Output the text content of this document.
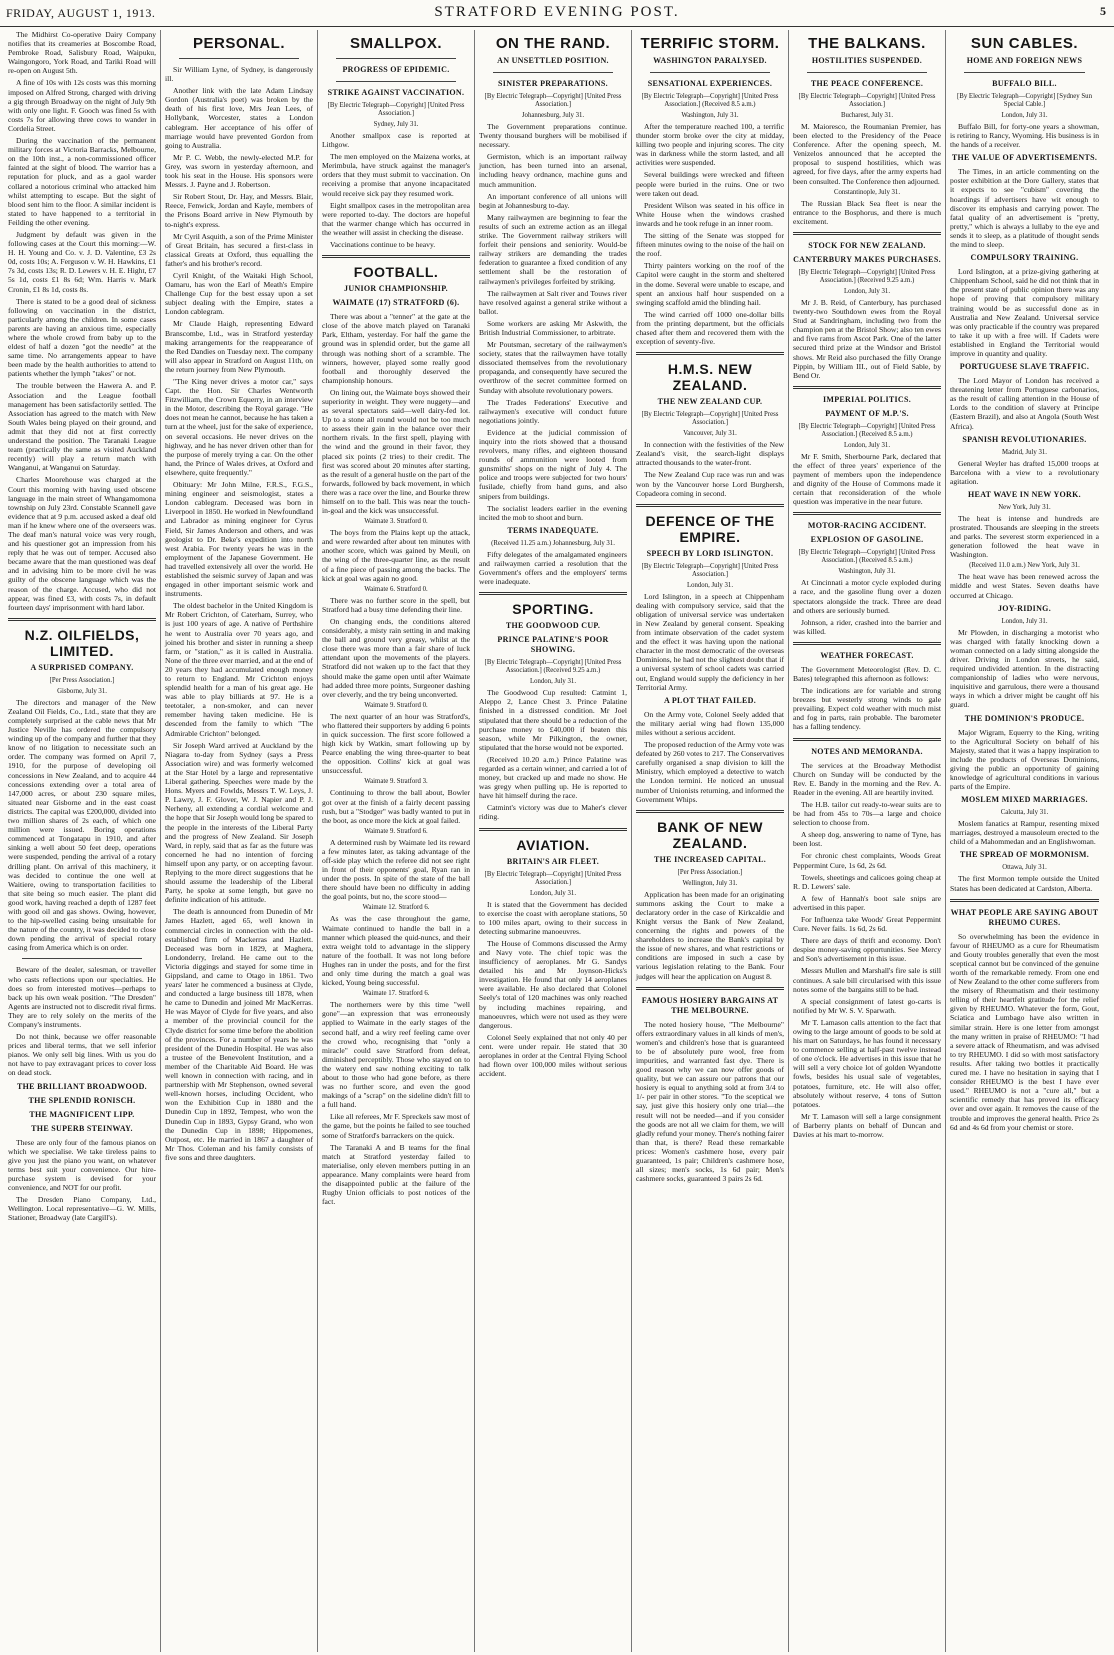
FRIDAY, AUGUST 1, 1913.	STRATFORD EVENING POST.	5

The Midhirst Co-operative Dairy Company notifies that its creameries at Boscombe Road, Pembroke Road, Salisbury Road, Waipuku, Waingongoro, York Road, and Tariki Road will re-open on August 5th.

A fine of 10s with 12s costs was this morning imposed on Alfred Strong, charged with driving a gig through Broadway on the night of July 9th with only one light. F. Gooch was fined 5s with costs 7s for allowing three cows to wander in Cordelia Street.

During the vaccination of the permanent military forces at Victoria Barracks, Melbourne, on the 10th inst., a non-commissioned officer fainted at the sight of blood. The warrior has a reputation for pluck, and as a gaol warder collared a notorious criminal who attacked him whilst attempting to escape. But the sight of blood sent him to the floor. A similar incident is stated to have happened to a territorial in Feilding the other evening.

Judgment by default was given in the following cases at the Court this morning:—W. H. H. Young and Co. v. J. D. Valentine, £3 2s 0d, costs 10s; A. Ferguson v. W. H. Hawkins, £1 7s 3d, costs 13s; R. D. Lewers v. H. E. Hight, £7 5s 1d, costs £1 8s 6d; Wm. Harris v. Mark Cronin, £1 8s 1d, costs 8s.

There is stated to be a good deal of sickness following on vaccination in the district, particularly among the children. In some cases parents are having an anxious time, especially where the whole crowd from baby up to the eldest of half a dozen "got the needle" at the same time. No arrangements appear to have been made by the health authorities to attend to patients whether the lymph "takes" or not.

The trouble between the Hawera A. and P. Association and the League football management has been satisfactorily settled. The Association has agreed to the match with New South Wales being played on their ground, and admit that they did not at first correctly understand the position. The Taranaki League team (practically the same as visited Auckland recently) will play a return match with Wanganui, at Wanganui on Saturday.

Charles Moorehouse was charged at the Court this morning with having used obscene language in the main street of Whangamomona township on July 23rd. Constable Scannell gave evidence that at 9 p.m. accused asked a deaf old man if he knew where one of the overseers was. The deaf man's natural voice was very rough, and his questioner got an impression from his reply that he was out of temper. Accused also became aware that the man questioned was deaf and in advising him to be more civil he was guilty of the obscene language which was the reason of the charge. Accused, who did not appear, was fined £3, with costs 7s, in default fourteen days' imprisonment with hard labor.

N.Z. OILFIELDS, LIMITED.
A SURPRISED COMPANY.
[Per Press Association.]
Gisborne, July 31.

The directors and manager of the New Zealand Oil Fields, Co., Ltd., state that they are completely surprised at the cable news that Mr Justice Neville has ordered the compulsory winding up of the company and further that they know of no litigation to necessitate such an order. The company was formed on April 7, 1910, for the purpose of developing oil concessions in New Zealand, and to acquire 44 concessions extending over a total area of 147,000 acres, or about 230 square miles, situated near Gisborne and in the east coast districts. The capital was £200,000, divided into two million shares of 2s each, of which one million were issued. Boring operations commenced at Tongatapu in 1910, and after sinking a well about 50 feet deep, operations were suspended, pending the arrival of a rotary drilling plant. On arrival of this machinery, it was decided to continue the one well at Waitiere, owing to transportation facilities to that site being so much easier. The plant did good work, having reached a depth of 1287 feet with good oil and gas shows. Owing, however, to the hip-swelled casing being unsuitable for the nature of the country, it was decided to close down pending the arrival of special rotary casing from America which is on order.

Beware of the dealer, salesman, or traveller who casts reflections upon our specialties. He does so from interested motives—perhaps to back up his own weak position. "The Dresden" Agents are instructed not to discredit rival firms. They are to rely solely on the merits of the Company's instruments.

Do not think, because we offer reasonable prices and liberal terms, that we sell inferior pianos. We only sell big lines. With us you do not have to pay extravagant prices to cover loss on dead stock.

THE BRILLIANT BROADWOOD.
THE SPLENDID RONISCH.
THE MAGNIFICENT LIPP.
THE SUPERB STEINWAY.

These are only four of the famous pianos on which we specialise. We take tireless pains to give you just the piano you want, on whatever terms best suit your convenience. Our hire-purchase system is devised for your convenience, and NOT for our profit.

The Dresden Piano Company, Ltd., Wellington. Local representative—G. W. Mills, Stationer, Broadway (late Cargill's).

PERSONAL.

Sir William Lyne, of Sydney, is dangerously ill.

Another link with the late Adam Lindsay Gordon (Australia's poet) was broken by the death of his first love, Mrs Jean Lees, of Hollybank, Worcester, states a London cablegram. Her acceptance of his offer of marriage would have prevented Gordon from going to Australia.

Mr P. C. Webb, the newly-elected M.P. for Grey, was sworn in yesterday afternoon, and took his seat in the House. His sponsors were Messrs. J. Payne and J. Robertson.

Sir Robert Stout, Dr. Hay, and Messrs. Blair, Reece, Fenwick, Jordan and Kayle, members of the Prisons Board arrive in New Plymouth by to-night's express.

Mr Cyril Asquith, a son of the Prime Minister of Great Britain, has secured a first-class in classical Greats at Oxford, thus equalling the father's and his brother's record.

Cyril Knight, of the Waitaki High School, Oamaru, has won the Earl of Meath's Empire Challenge Cup for the best essay upon a set subject dealing with the Empire, states a London cablegram.

Mr Claude Haigh, representing Edward Branscombe, Ltd., was in Stratford yesterday making arrangements for the reappearance of the Red Dandies on Tuesday next. The company will also appear in Stratford on August 11th, on the return journey from New Plymouth.

"The King never drives a motor car," says Capt. the Hon. Sir Charles Wentworth Fitzwilliam, the Crown Equerry, in an interview in the Motor, describing the Royal garage. "He does not mean he cannot, because he has taken a turn at the wheel, just for the sake of experience, on several occasions. He never drives on the highway, and he has never driven other than for the purpose of merely trying a car. On the other hand, the Prince of Wales drives, at Oxford and elsewhere, quite frequently."

Obituary: Mr John Milne, F.R.S., F.G.S., mining engineer and seismologist, states a London cablegram. Deceased was born in Liverpool in 1850. He worked in Newfoundland and Labrador as mining engineer for Cyrus Field, Sir James Anderson and others, and was geologist to Dr. Beke's expedition into north west Arabia. For twenty years he was in the employment of the Japanese Government. He had travelled extensively all over the world. He established the seismic survey of Japan and was engaged in other important seismic work and instruments.

The oldest bachelor in the United Kingdom is Mr Robert Crichton, of Caterham, Surrey, who is just 100 years of age. A native of Perthshire he went to Australia over 70 years ago, and joined his brother and sister in running a sheep farm, or "station," as it is called in Australia. None of the three ever married, and at the end of 20 years they had accumulated enough money to return to England. Mr Crichton enjoys splendid health for a man of his great age. He was able to play billiards at 97. He is a teetotaler, a non-smoker, and can never remember having taken medicine. He is descended from the family to which "The Admirable Crichton" belonged.

Sir Joseph Ward arrived at Auckland by the Niagara to-day from Sydney (says a Press Association wire) and was formerly welcomed at the Star Hotel by a large and representative Liberal gathering. Speeches were made by the Hons. Myers and Fowlds, Messrs T. W. Leys, J. P. Lawry, J. F. Glover, W. J. Napier and P. J. Nerheny, all extending a cordial welcome and the hope that Sir Joseph would long be spared to the people in the interests of the Liberal Party and the progress of New Zealand. Sir Joseph Ward, in reply, said that as far as the future was concerned he had no intention of forcing himself upon any party, or on accepting favour. Replying to the more direct suggestions that he should assume the leadership of the Liberal Party, he spoke at some length, but gave no definite indication of his attitude.

The death is announced from Dunedin of Mr James Hazlett, aged 65, well known in commercial circles in connection with the old-established firm of Mackerras and Hazlett. Deceased was born in 1829, at Maghera, Londonderry, Ireland. He came out to the Victoria diggings and stayed for some time in Gippsland, and came to Otago in 1861. Two years' later he commenced a business at Clyde, and conducted a large business till 1878, when he came to Dunedin and joined Mr MacKerras. He was Mayor of Clyde for five years, and also a member of the provincial council for the Clyde district for some time before the abolition of the provinces. For a number of years he was president of the Dunedin Hospital. He was also a trustee of the Benevolent Institution, and a member of the Charitable Aid Board. He was well known in connection with racing, and in partnership with Mr Stephenson, owned several well-known horses, including Occident, who won the Exhibition Cup in 1880 and the Dunedin Cup in 1892, Tempest, who won the Dunedin Cup in 1893, Gypsy Grand, who won the Dunedin Cup in 1898; Hippomenes, Outpost, etc. He married in 1867 a daughter of Mr Thos. Coleman and his family consists of five sons and three daughters.

SMALLPOX.
PROGRESS OF EPIDEMIC.
STRIKE AGAINST VACCINATION.
[By Electric Telegraph—Copyright] [United Press Association.]
Sydney, July 31.

Another smallpox case is reported at Lithgow.

The men employed on the Maizena works, at Merimbula, have struck against the manager's orders that they must submit to vaccination. On receiving a promise that anyone incapacitated would receive sick pay they resumed work.

Eight smallpox cases in the metropolitan area were reported to-day. The doctors are hopeful that the warmer change which has occurred in the weather will assist in checking the disease.

Vaccinations continue to be heavy.

FOOTBALL.
JUNIOR CHAMPIONSHIP.
WAIMATE (17) STRATFORD (6).

There was about a "tenner" at the gate at the close of the above match played on Taranaki Park, Eltham, yesterday. For half the game the ground was in splendid order, but the game all through was nothing short of a scramble. The winners, however, played some really good football and thoroughly deserved the championship honours.

On lining out, the Waimate boys showed their superiority in weight. They were nuggety—and as several spectators said—well dairy-fed lot. Up to a stone all round would not be too much to assess their gain in the balance over their northern rivals. In the first spell, playing with the wind and the ground in their favor, they placed six points (2 tries) to their credit. The first was scored about 20 minutes after starting, as the result of a general hustle on the part of the forwards, followed by back movement, in which there was a race over the line, and Bourke threw himself on to the ball. This was near the touch-in-goal and the kick was unsuccessful.

Waimate 3. Stratford 0.

The boys from the Plains kept up the attack, and were rewarded after about ten minutes with another score, which was gained by Meuli, on the wing of the three-quarter line, as the result of a fine piece of passing among the backs. The kick at goal was again no good.

Waimate 6. Stratford 0.

There was no further score in the spell, but Stratford had a busy time defending their line.

On changing ends, the conditions altered considerably, a misty rain setting in and making the ball and ground very greasy, whilst at the close there was more than a fair share of luck attendant upon the movements of the players. Stratford did not waken up to the fact that they should make the game open until after Waimate had added three more points, Surgeoner dashing over cleverly, and the try being unconverted.

Waimate 9. Stratford 0.

The next quarter of an hour was Stratford's, who flattered their supporters by adding 6 points in quick succession. The first score followed a high kick by Watkin, smart following up by Pearce enabling the wing three-quarter to beat the opposition. Collins' kick at goal was unsuccessful.

Waimate 9. Stratford 3.

Continuing to throw the ball about, Bowler got over at the finish of a fairly decent passing rush, but a "Stodger" was badly wanted to put in the boot, as once more the kick at goal failed.

Waimate 9. Stratford 6.

A determined rush by Waimate led its reward a few minutes later, as taking advantage of the off-side play which the referee did not see right in front of their opponents' goal, Ryan ran in under the posts. In spite of the state of the ball there should have been no difficulty in adding the goal points, but no, the score stood—

Waimate 12. Stratford 6.

As was the case throughout the game, Waimate continued to handle the ball in a manner which pleased the quid-nuncs, and their extra weight told to advantage in the slippery nature of the football. It was not long before Hughes ran in under the posts, and for the first and only time during the match a goal was kicked, Young being successful.

Waimate 17. Stratford 6.

The northerners were by this time "well gone"—an expression that was erroneously applied to Waimate in the early stages of the second half, and a wiry reef feeling came over the crowd who, recognising that "only a miracle" could save Stratford from defeat, diminished perceptibly. Those who stayed on to the watery end saw nothing exciting to talk about to those who had gone before, as there was no further score, and even the good makings of a "scrap" on the sideline didn't fill to a full hand.

Like all referees, Mr F. Spreckels saw most of the game, but the points he failed to see touched some of Stratford's barrackers on the quick.

The Taranaki A and B teams for the final match at Stratford yesterday failed to materialise, only eleven members putting in an appearance. Many complaints were heard from the disappointed public at the failure of the Rugby Union officials to post notices of the fact.

ON THE RAND.
AN UNSETTLED POSITION.
SINISTER PREPARATIONS.
[By Electric Telegraph—Copyright] [United Press Association.]
Johannesburg, July 31.

The Government preparations continue. Twenty thousand burghers will be mobilised if necessary.

Germiston, which is an important railway junction, has been turned into an arsenal, including heavy ordnance, machine guns and much ammunition.

An important conference of all unions will begin at Johannesburg to-day.

Many railwaymen are beginning to fear the results of such an extreme action as an illegal strike. The Government railway strikers will forfeit their pensions and seniority. Would-be railway strikers are demanding the trades federation to guarantee a fixed condition of any settlement shall be the restoration of railwaymen's privileges forfeited by striking.

The railwaymen at Salt river and Touws river have resolved against a general strike without a ballot.

Some workers are asking Mr Askwith, the British Industrial Commissioner, to arbitrate.

Mr Poutsman, secretary of the railwaymen's society, states that the railwaymen have totally dissociated themselves from the revolutionary propaganda, and consequently have secured the overthrow of the secret committee formed on Sunday with absolute revolutionary powers.

The Trades Federations' Executive and railwaymen's executive will conduct future negotiations jointly.

Evidence at the judicial commission of inquiry into the riots showed that a thousand revolvers, many rifles, and eighteen thousand rounds of ammunition were looted from gunsmiths' shops on the night of July 4. The police and troops were subjected for two hours' fusilade, chiefly from hand guns, and also snipers from buildings.

The socialist leaders earlier in the evening incited the mob to shoot and burn.

TERMS INADEQUATE.
(Received 11.25 a.m.) Johannesburg, July 31.

Fifty delegates of the amalgamated engineers and railwaymen carried a resolution that the Government's offers and the employers' terms were inadequate.

SPORTING.
THE GOODWOOD CUP.
PRINCE PALATINE'S POOR SHOWING.
[By Electric Telegraph—Copyright] [United Press Association.] (Received 9.25 a.m.)
London, July 31.

The Goodwood Cup resulted: Catmint 1, Aleppo 2, Lance Chest 3. Prince Palatine finished in a distressed condition. Mr Joel stipulated that there should be a reduction of the purchase money to £40,000 if beaten this season, while Mr Pilkington, the owner, stipulated that the horse would not be exported.

(Received 10.20 a.m.) Prince Palatine was regarded as a certain winner, and carried a lot of money, but cracked up and made no show. He was gregy when pulling up. He is reported to have hit himself during the race.

Catmint's victory was due to Maher's clever riding.

AVIATION.
BRITAIN'S AIR FLEET.
[By Electric Telegraph—Copyright] [United Press Association.]
London, July 31.

It is stated that the Government has decided to exercise the coast with aeroplane stations, 50 to 100 miles apart, owing to their success in detecting submarine manoeuvres.

The House of Commons discussed the Army and Navy vote. The chief topic was the insufficiency of aeroplanes. Mr G. Sandys detailed his and Mr Joynson-Hicks's investigation. He found that only 14 aeroplanes were available. He also declared that Colonel Seely's total of 120 machines was only reached by including machines repairing, and manoeuvres, which were not used as they were dangerous.

Colonel Seely explained that not only 40 per cent. were under repair. He stated that 30 aeroplanes in order at the Central Flying School had flown over 100,000 miles without serious accident.

TERRIFIC STORM.
WASHINGTON PARALYSED.
SENSATIONAL EXPERIENCES.
[By Electric Telegraph—Copyright] [United Press Association.] (Received 8.5 a.m.)
Washington, July 31.

After the temperature reached 100, a terrific thunder storm broke over the city at midday, killing two people and injuring scores. The city was in darkness while the storm lasted, and all activities were suspended.

Several buildings were wrecked and fifteen people were buried in the ruins. One or two were taken out dead.

President Wilson was seated in his office in White House when the windows crashed inwards and he took refuge in an inner room.

The sitting of the Senate was stopped for fifteen minutes owing to the noise of the hail on the roof.

Thirty painters working on the roof of the Capitol were caught in the storm and sheltered in the dome. Several were unable to escape, and spent an anxious half hour suspended on a swinging scaffold amid the blinding hail.

The wind carried off 1000 one-dollar bills from the printing department, but the officials chased after them and recovered them with the exception of seventy-five.

H.M.S. NEW ZEALAND.
THE NEW ZEALAND CUP.
[By Electric Telegraph—Copyright] [United Press Association.]
Vancouver, July 31.

In connection with the festivities of the New Zealand's visit, the search-light displays attracted thousands to the water-front.

The New Zealand Cup race was run and was won by the Vancouver horse Lord Burghersh, Copadeora coming in second.

DEFENCE OF THE EMPIRE.
SPEECH BY LORD ISLINGTON.
[By Electric Telegraph—Copyright] [United Press Association.]
London, July 31.

Lord Islington, in a speech at Chippenham dealing with compulsory service, said that the obligation of universal service was undertaken in New Zealand by general consent. Speaking from intimate observation of the cadet system and the effect it was having upon the national character in the most democratic of the overseas Dominions, he had not the slightest doubt that if a universal system of school cadets was carried out, England would supply the deficiency in her Territorial Army.

A PLOT THAT FAILED.

On the Army vote, Colonel Seely added that the military aerial wing had flown 135,000 miles without a serious accident.

The proposed reduction of the Army vote was defeated by 260 votes to 217. The Conservatives carefully organised a snap division to kill the Ministry, which employed a detective to watch the London termini. He noticed an unusual number of Unionists returning, and informed the Government Whips.

BANK OF NEW ZEALAND.
THE INCREASED CAPITAL.
[Per Press Association.]
Wellington, July 31.

Application has been made for an originating summons asking the Court to make a declaratory order in the case of Kirkcaldie and Knight versus the Bank of New Zealand, concerning the rights and powers of the shareholders to increase the Bank's capital by the issue of new shares, and what restrictions or conditions are imposed in such a case by various legislation relating to the Bank. Four judges will hear the application on August 8.

FAMOUS HOSIERY BARGAINS AT THE MELBOURNE.

The noted hosiery house, "The Melbourne" offers extraordinary values in all kinds of men's, women's and children's hose that is guaranteed to be of absolutely pure wool, free from impurities, and warranted fast dye. There is good reason why we can now offer goods of quality, but we can assure our patrons that our hosiery is equal to anything sold at from 3/4 to 1/- per pair in other stores. "To the sceptical we say, just give this hosiery only one trial—the result will not be needed—and if you consider the goods are not all we claim for them, we will gladly refund your money. There's nothing fairer than that, is there? Read these remarkable prices: Women's cashmere hose, every pair guaranteed, 1s pair; Children's cashmere hose, all sizes; men's socks, 1s 6d pair; Men's cashmere socks, guaranteed 3 pairs 2s 6d.

THE BALKANS.
HOSTILITIES SUSPENDED.
THE PEACE CONFERENCE.
[By Electric Telegraph—Copyright] [United Press Association.]
Bucharest, July 31.

M. Maioresco, the Roumanian Premier, has been elected to the Presidency of the Peace Conference. After the opening speech, M. Venizelos announced that he accepted the proposal to suspend hostilities, which was agreed, for five days, after the army experts had been consulted. The Conference then adjourned.

Constantinople, July 31.

The Russian Black Sea fleet is near the entrance to the Bosphorus, and there is much excitement.

STOCK FOR NEW ZEALAND.
CANTERBURY MAKES PURCHASES.
[By Electric Telegraph—Copyright] [United Press Association.] (Received 9.25 a.m.)
London, July 31.

Mr J. B. Reid, of Canterbury, has purchased twenty-two Southdown ewes from the Royal Stud at Sandringham, including two from the champion pen at the Bristol Show; also ten ewes and five rams from Ascot Park. One of the latter secured third prize at the Windsor and Bristol shows. Mr Reid also purchased the filly Orange Pippin, by William III., out of Field Sable, by Bend Or.

IMPERIAL POLITICS.
PAYMENT OF M.P.'S.
[By Electric Telegraph—Copyright] [United Press Association.] (Received 8.5 a.m.)
London, July 31.

Mr F. Smith, Sherbourne Park, declared that the effect of three years' experience of the payment of members upon the independence and dignity of the House of Commons made it certain that reconsideration of the whole question was imperative in the near future.

MOTOR-RACING ACCIDENT.
EXPLOSION OF GASOLINE.
[By Electric Telegraph—Copyright] [United Press Association.] (Received 8.5 a.m.)
Washington, July 31.

At Cincinnati a motor cycle exploded during a race, and the gasoline flung over a dozen spectators alongside the track. Three are dead and others are seriously burned.

Johnson, a rider, crashed into the barrier and was killed.

WEATHER FORECAST.

The Government Meteorologist (Rev. D. C. Bates) telegraphed this afternoon as follows:

The indications are for variable and strong breezes but westerly strong winds to gale prevailing. Expect cold weather with much mist and fog in parts, rain probable. The barometer has a falling tendency.

NOTES AND MEMORANDA.

The services at the Broadway Methodist Church on Sunday will be conducted by the Rev. E. Bandy in the morning and the Rev. A. Reader in the evening. All are heartily invited.

The H.B. tailor cut ready-to-wear suits are to be had from 45s to 70s—a large and choice selection to choose from.

A sheep dog, answering to name of Tyne, has been lost.

For chronic chest complaints, Woods Great Peppermint Cure, 1s 6d, 2s 6d.

Towels, sheetings and calicoes going cheap at R. D. Lewers' sale.

A few of Hannah's boot sale snips are advertised in this paper.

For Influenza take Woods' Great Peppermint Cure. Never fails. 1s 6d, 2s 6d.

There are days of thrift and economy. Don't despise money-saving opportunities. See Mercy and Son's advertisement in this issue.

Messrs Mullen and Marshall's fire sale is still continues. A sale bill circularised with this issue notes some of the bargains still to be had.

A special consignment of latest go-carts is notified by Mr W. S. V. Sparwath.

Mr T. Lamason calls attention to the fact that owing to the large amount of goods to be sold at his mart on Saturdays, he has found it necessary to commence selling at half-past twelve instead of one o'clock. He advertises in this issue that he will sell a very choice lot of golden Wyandotte fowls, besides his usual sale of vegetables, potatoes, furniture, etc. He will also offer, absolutely without reserve, 4 tons of Sutton potatoes.

Mr T. Lamason will sell a large consignment of Barberry plants on behalf of Duncan and Davies at his mart to-morrow.

SUN CABLES.
HOME AND FOREIGN NEWS
BUFFALO BILL.
[By Electric Telegraph—Copyright] [Sydney Sun Special Cable.]
London, July 31.

Buffalo Bill, for forty-one years a showman, is retiring to Rancy, Wyoming. His business is in the hands of a receiver.

THE VALUE OF ADVERTISEMENTS.

The Times, in an article commenting on the poster exhibition at the Dore Gallery, states that it expects to see "cubism" covering the hoardings if advertisers have wit enough to discover its emphasis and carrying power. The fatal quality of an advertisement is "pretty, pretty," which is always a lullaby to the eye and sends it to sleep, as a platitude of thought sends the mind to sleep.

COMPULSORY TRAINING.

Lord Islington, at a prize-giving gathering at Chippenham School, said he did not think that in the present state of public opinion there was any hope of proving that compulsory military training would be as successful done as in Australia and New Zealand. Universal service was only practicable if the country was prepared to take it up with a free will. If Cadets were established in England the Territorial would improve in quantity and quality.

PORTUGUESE SLAVE TRAFFIC.

The Lord Mayor of London has received a threatening letter from Portuguese carbonarios, as the result of calling attention in the House of Lords to the condition of slavery at Principe (Eastern Brazil), and also at Angola (South West Africa).

SPANISH REVOLUTIONARIES.
Madrid, July 31.

General Weyler has drafted 15,000 troops at Barcelona with a view to a revolutionary agitation.

HEAT WAVE IN NEW YORK.
New York, July 31.

The heat is intense and hundreds are prostrated. Thousands are sleeping in the streets and parks. The severest storm experienced in a generation followed the heat wave in Washington.

(Received 11.0 a.m.) New York, July 31.

The heat wave has been renewed across the middle and west States. Seven deaths have occurred at Chicago.

JOY-RIDING.
London, July 31.

Mr Plowden, in discharging a motorist who was charged with fatally knocking down a woman connected on a lady sitting alongside the driver. Driving in London streets, he said, required undivided attention. In the distracting companionship of ladies who were nervous, inquisitive and garrulous, there were a thousand ways in which a driver might be caught off his guard.

THE DOMINION'S PRODUCE.

Major Wigram, Equerry to the King, writing to the Agricultural Society on behalf of his Majesty, stated that it was a happy inspiration to include the products of Overseas Dominions, giving the public an opportunity of gaining knowledge of agricultural conditions in various parts of the Empire.

MOSLEM MIXED MARRIAGES.
Calcutta, July 31.

Moslem fanatics at Rampur, resenting mixed marriages, destroyed a mausoleum erected to the child of a Mahommedan and an Englishwoman.

THE SPREAD OF MORMONISM.
Ottawa, July 31.

The first Mormon temple outside the United States has been dedicated at Cardston, Alberta.

WHAT PEOPLE ARE SAYING ABOUT RHEUMO CURES.

So overwhelming has been the evidence in favour of RHEUMO as a cure for Rheumatism and Gouty troubles generally that even the most sceptical cannot but be convinced of the genuine worth of the remarkable remedy. From one end of New Zealand to the other come sufferers from the misery of Rheumatism and their testimony telling of their heartfelt gratitude for the relief given by RHEUMO. Whatever the form, Gout, Sciatica and Lumbago have also written in similar strain. Here is one letter from amongst the many written in praise of RHEUMO: "I had a severe attack of Rheumatism, and was advised to try RHEUMO. I did so with most satisfactory results. After taking two bottles it practically cured me. I have no hesitation in saying that I consider RHEUMO is the best I have ever used." RHEUMO is not a "cure all," but a scientific remedy that has proved its efficacy over and over again. It removes the cause of the trouble and improves the general health. Price 2s 6d and 4s 6d from your chemist or store.
